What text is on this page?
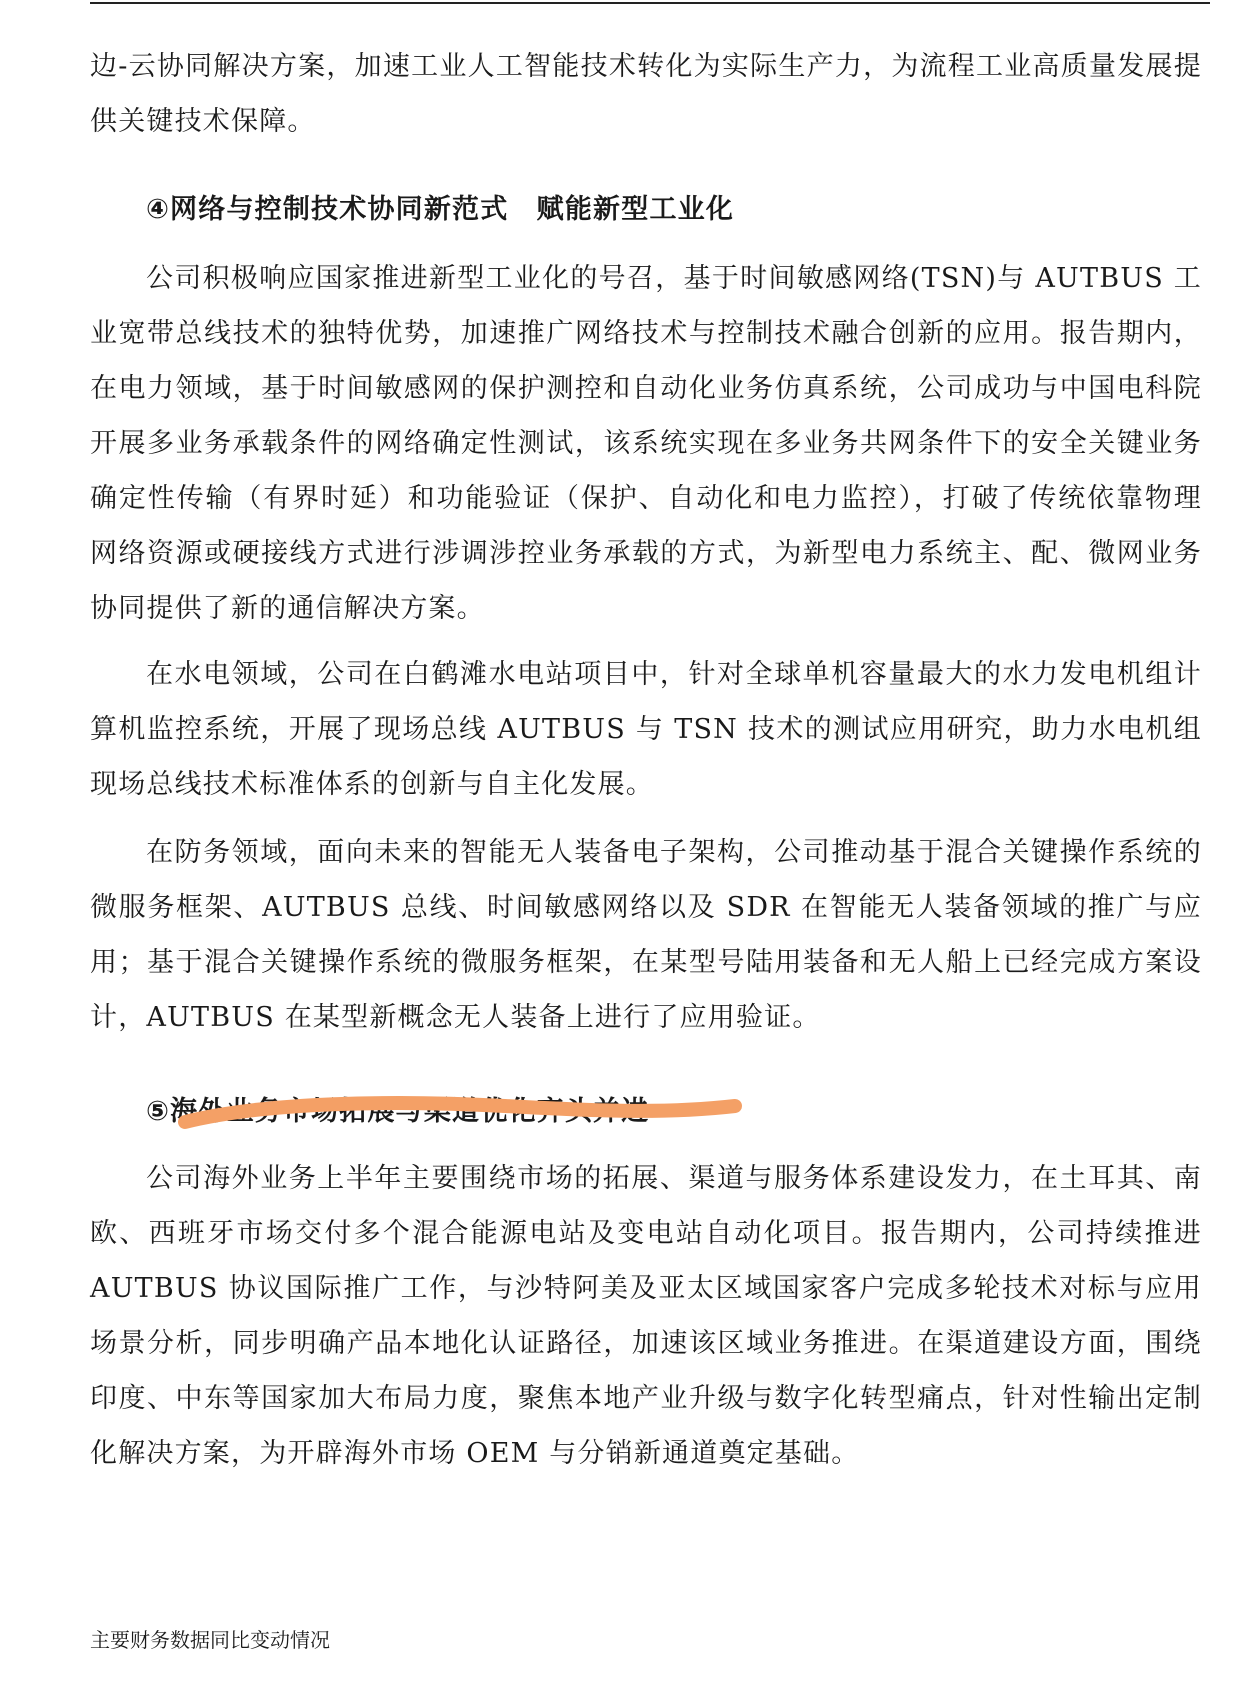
边-云协同解决方案，加速工业人工智能技术转化为实际生产力，为流程工业高质量发展提供关键技术保障。

④网络与控制技术协同新范式　赋能新型工业化

公司积极响应国家推进新型工业化的号召，基于时间敏感网络(TSN)与 AUTBUS 工业宽带总线技术的独特优势，加速推广网络技术与控制技术融合创新的应用。报告期内，在电力领域，基于时间敏感网的保护测控和自动化业务仿真系统，公司成功与中国电科院开展多业务承载条件的网络确定性测试，该系统实现在多业务共网条件下的安全关键业务确定性传输（有界时延）和功能验证（保护、自动化和电力监控），打破了传统依靠物理网络资源或硬接线方式进行涉调涉控业务承载的方式，为新型电力系统主、配、微网业务协同提供了新的通信解决方案。

在水电领域，公司在白鹤滩水电站项目中，针对全球单机容量最大的水力发电机组计算机监控系统，开展了现场总线 AUTBUS 与 TSN 技术的测试应用研究，助力水电机组现场总线技术标准体系的创新与自主化发展。

在防务领域，面向未来的智能无人装备电子架构，公司推动基于混合关键操作系统的微服务框架、AUTBUS 总线、时间敏感网络以及 SDR 在智能无人装备领域的推广与应用；基于混合关键操作系统的微服务框架，在某型号陆用装备和无人船上已经完成方案设计，AUTBUS 在某型新概念无人装备上进行了应用验证。

⑤海外业务市场拓展与渠道优化齐头并进

公司海外业务上半年主要围绕市场的拓展、渠道与服务体系建设发力，在土耳其、南欧、西班牙市场交付多个混合能源电站及变电站自动化项目。报告期内，公司持续推进AUTBUS 协议国际推广工作，与沙特阿美及亚太区域国家客户完成多轮技术对标与应用场景分析，同步明确产品本地化认证路径，加速该区域业务推进。在渠道建设方面，围绕印度、中东等国家加大布局力度，聚焦本地产业升级与数字化转型痛点，针对性输出定制化解决方案，为开辟海外市场 OEM 与分销新通道奠定基础。

主要财务数据同比变动情况
